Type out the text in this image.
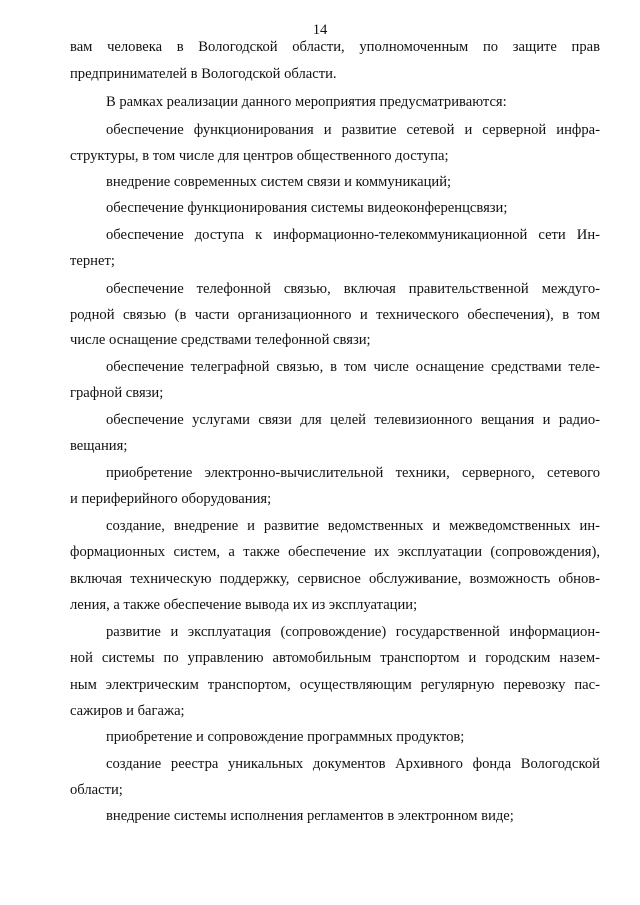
14
вам человека в Вологодской области, уполномоченным по защите прав
предпринимателей в Вологодской области.
В рамках реализации данного мероприятия предусматриваются:
обеспечение функционирования и развитие сетевой и серверной инфра-
структуры, в том числе для центров общественного доступа;
внедрение современных систем связи и коммуникаций;
обеспечение функционирования системы видеоконференцсвязи;
обеспечение доступа к информационно-телекоммуникационной сети Ин-
тернет;
обеспечение телефонной связью, включая правительственной междуго-
родной связью (в части организационного и технического обеспечения), в том
числе оснащение средствами телефонной связи;
обеспечение телеграфной связью, в том числе оснащение средствами теле-
графной связи;
обеспечение услугами связи для целей телевизионного вещания и радио-
вещания;
приобретение электронно-вычислительной техники, серверного, сетевого
и периферийного оборудования;
создание, внедрение и развитие ведомственных и межведомственных ин-
формационных систем, а также обеспечение их эксплуатации (сопровождения),
включая техническую поддержку, сервисное обслуживание, возможность обнов-
ления, а также обеспечение вывода их из эксплуатации;
развитие и эксплуатация (сопровождение) государственной информацион-
ной системы по управлению автомобильным транспортом и городским назем-
ным электрическим транспортом, осуществляющим регулярную перевозку пас-
сажиров и багажа;
приобретение и сопровождение программных продуктов;
создание реестра уникальных документов Архивного фонда Вологодской
области;
внедрение системы исполнения регламентов в электронном виде;
